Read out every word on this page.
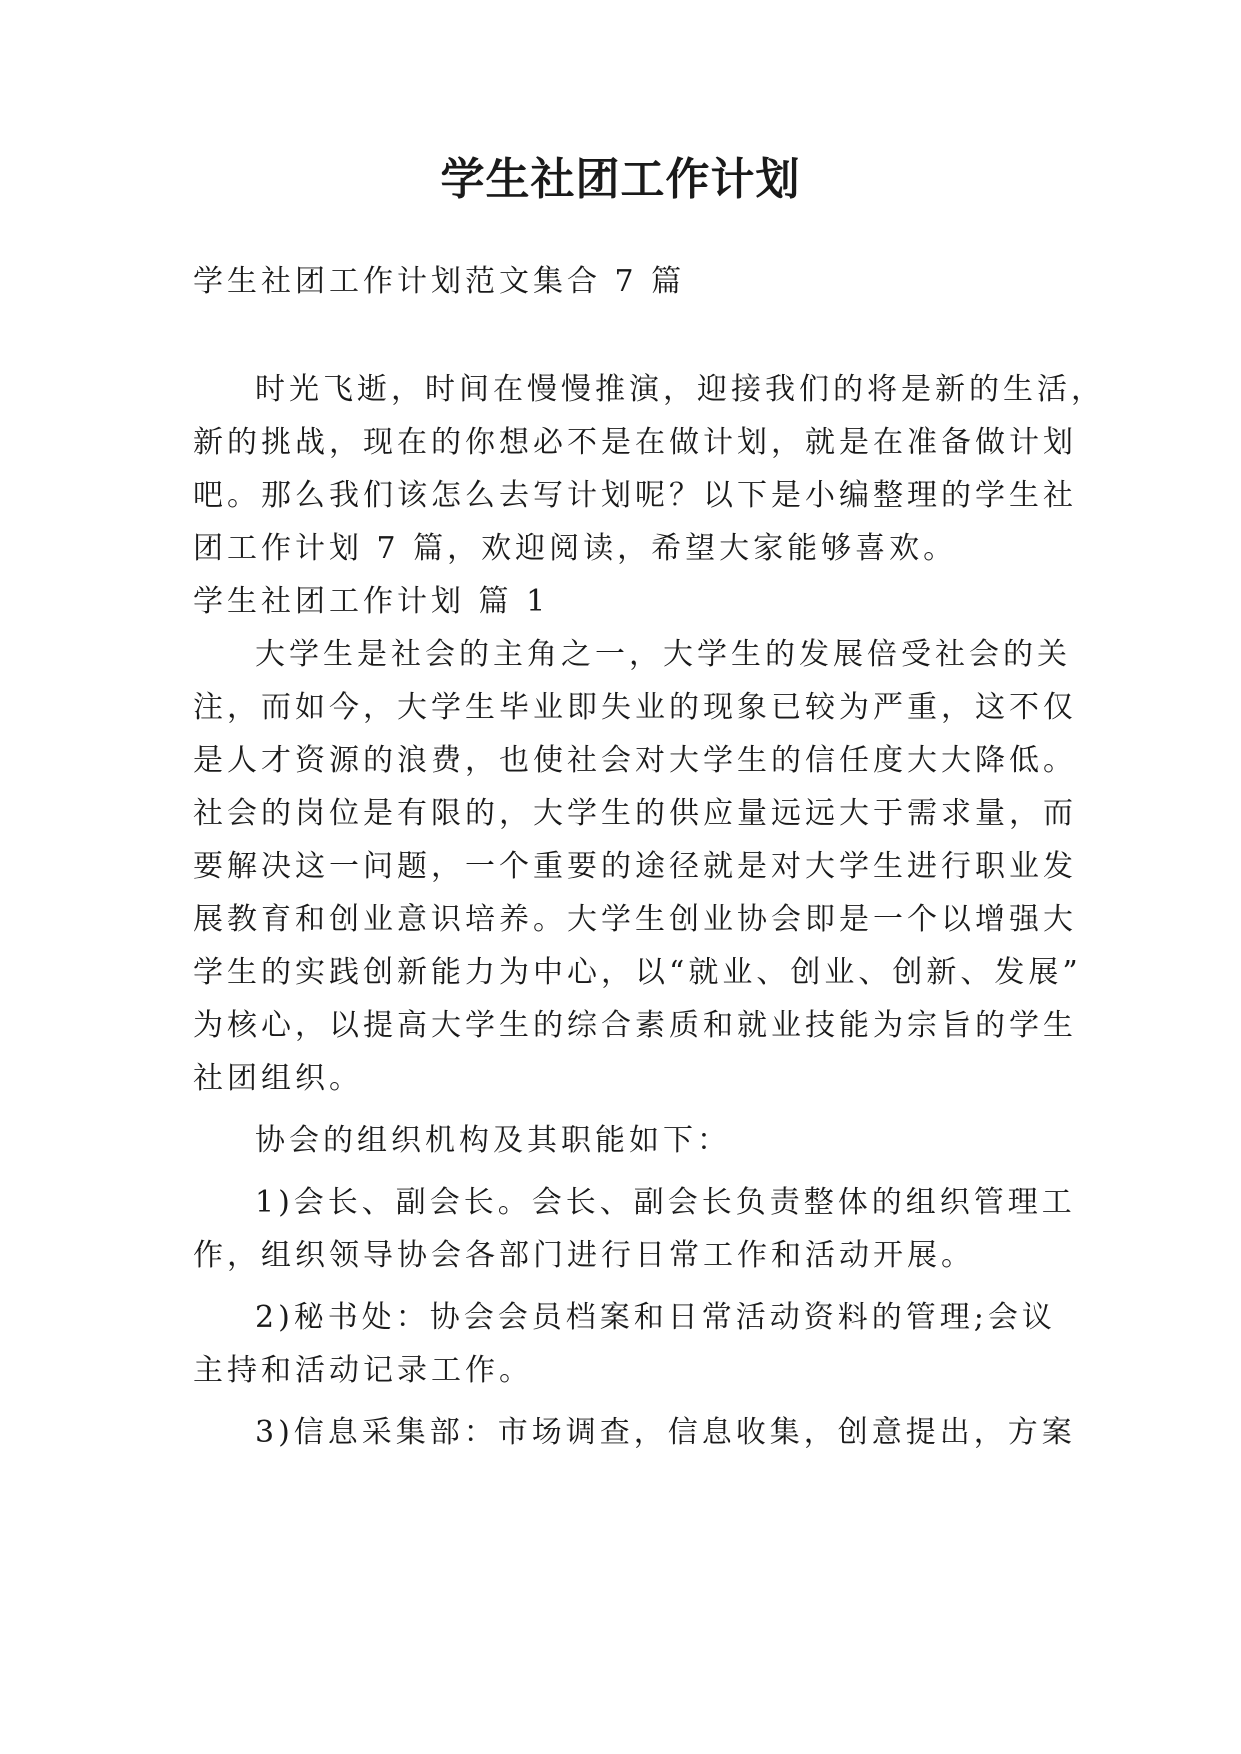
学生社团工作计划

学生社团工作计划范文集合 7 篇

时光飞逝，时间在慢慢推演，迎接我们的将是新的生活，

新的挑战，现在的你想必不是在做计划，就是在准备做计划

吧。那么我们该怎么去写计划呢？以下是小编整理的学生社

团工作计划 7 篇，欢迎阅读，希望大家能够喜欢。

学生社团工作计划 篇 1

大学生是社会的主角之一，大学生的发展倍受社会的关

注，而如今，大学生毕业即失业的现象已较为严重，这不仅

是人才资源的浪费，也使社会对大学生的信任度大大降低。

社会的岗位是有限的，大学生的供应量远远大于需求量，而

要解决这一问题，一个重要的途径就是对大学生进行职业发

展教育和创业意识培养。大学生创业协会即是一个以增强大

学生的实践创新能力为中心，以“就业、创业、创新、发展”

为核心，以提高大学生的综合素质和就业技能为宗旨的学生

社团组织。

协会的组织机构及其职能如下：

1)会长、副会长。会长、副会长负责整体的组织管理工

作，组织领导协会各部门进行日常工作和活动开展。

2)秘书处：协会会员档案和日常活动资料的管理;会议

主持和活动记录工作。

3)信息采集部：市场调查，信息收集，创意提出，方案
